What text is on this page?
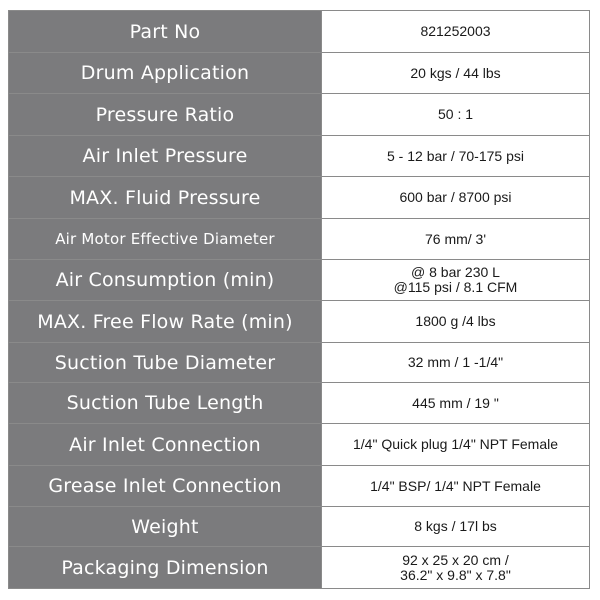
Part No	821252003
Drum Application	20 kgs / 44 lbs
Pressure Ratio	50 : 1
Air Inlet Pressure	5 - 12 bar / 70-175 psi
MAX. Fluid Pressure	600 bar / 8700 psi
Air Motor Effective Diameter	76 mm/ 3'
Air Consumption (min)	@ 8 bar 230 L
@115 psi / 8.1 CFM

MAX. Free Flow Rate (min)	1800 g /4 lbs
Suction Tube Diameter	32 mm / 1 -1/4"
Suction Tube Length	445 mm / 19 "
Air Inlet Connection	1/4" Quick plug 1/4" NPT Female
Grease Inlet Connection	1/4" BSP/ 1/4" NPT Female
Weight	8 kgs / 17l bs
Packaging Dimension	92 x 25 x 20 cm /
36.2" x 9.8" x 7.8"
